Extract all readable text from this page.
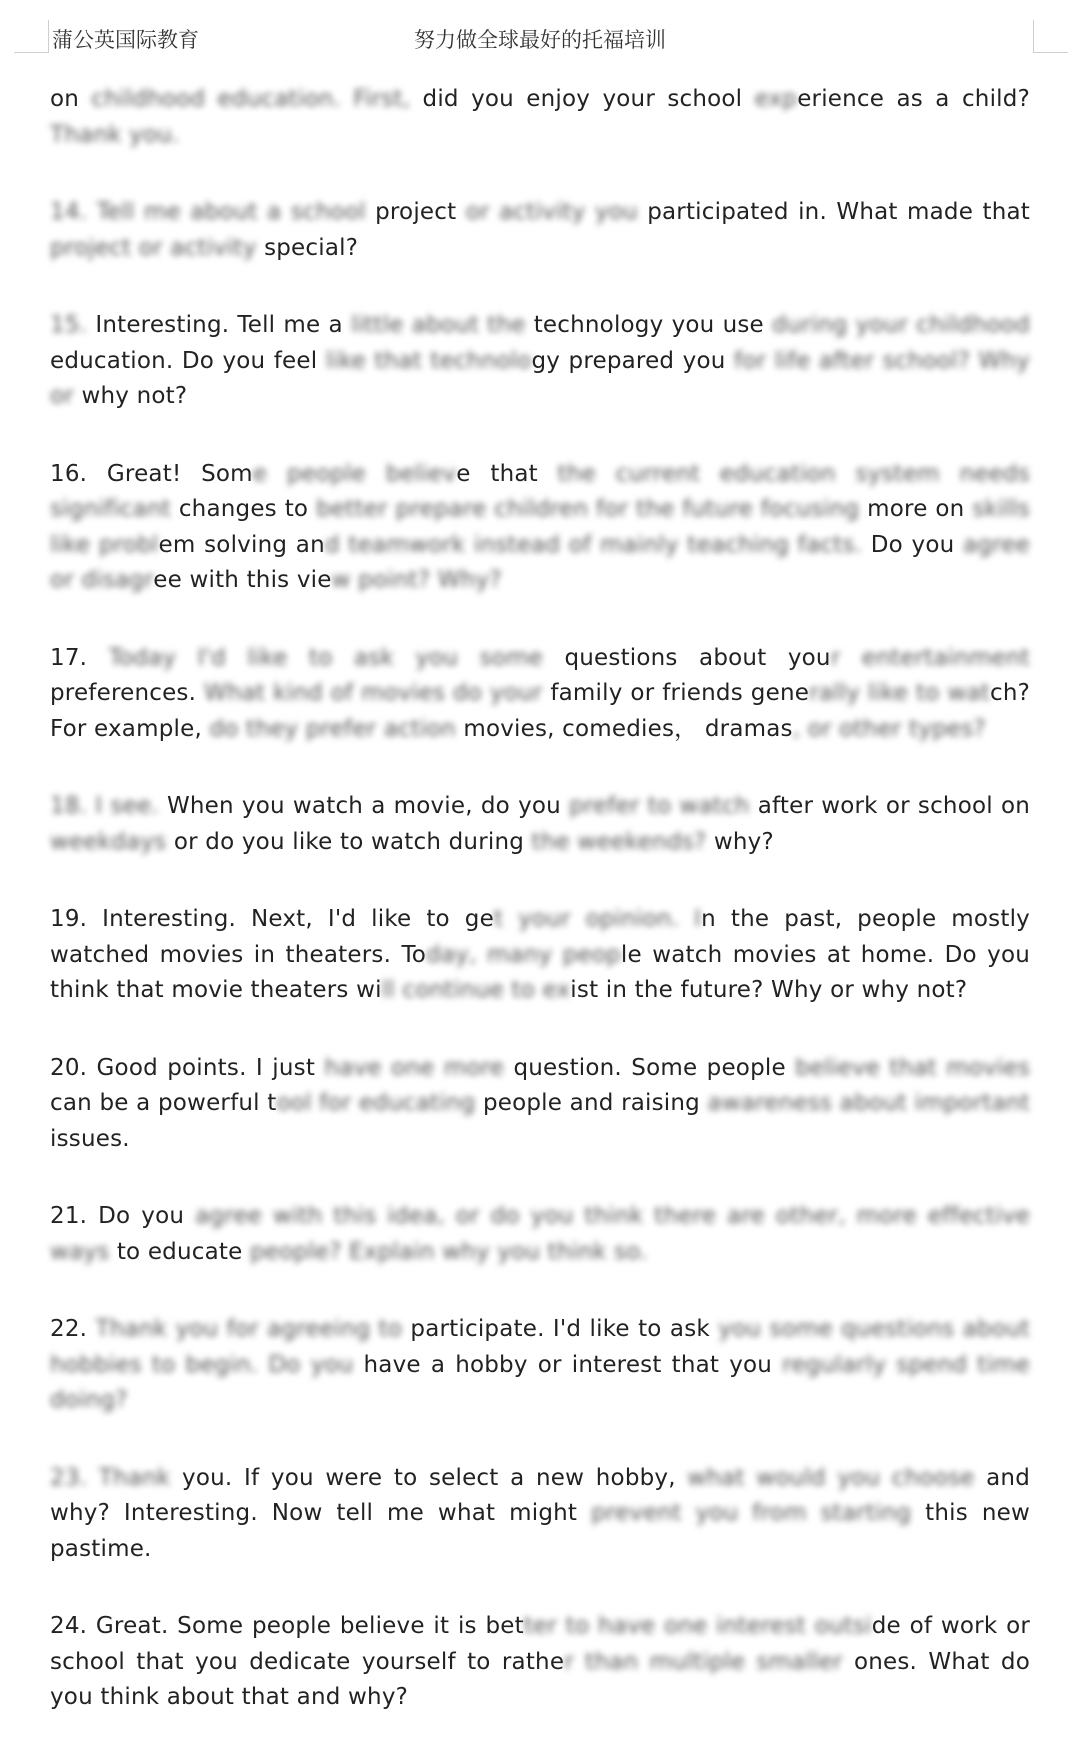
蒲公英国际教育	努力做全球最好的托福培训

on childhood education. First, did you enjoy your school experience as a child? Thank you.

14. Tell me about a school project or activity you participated in. What made that project or activity special?

15. Interesting. Tell me a little about the technology you use during your childhood education. Do you feel like that technology prepared you for life after school? Why or why not?

16. Great! Some people believe that the current education system needs significant changes to better prepare children for the future focusing more on skills like problem solving and teamwork instead of mainly teaching facts. Do you agree or disagree with this view point? Why?

17. Today I'd like to ask you some questions about your entertainment preferences. What kind of movies do your family or friends generally like to watch? For example, do they prefer action movies, comedies， dramas, or other types?

18. I see. When you watch a movie, do you prefer to watch after work or school on weekdays or do you like to watch during the weekends? why?

19. Interesting. Next, I'd like to get your opinion. In the past, people mostly watched movies in theaters. Today, many people watch movies at home. Do you think that movie theaters will continue to exist in the future? Why or why not?

20. Good points. I just have one more question. Some people believe that movies can be a powerful tool for educating people and raising awareness about important issues.

21. Do you agree with this idea, or do you think there are other, more effective ways to educate people? Explain why you think so.

22. Thank you for agreeing to participate. I'd like to ask you some questions about hobbies to begin. Do you have a hobby or interest that you regularly spend time doing?

23. Thank you. If you were to select a new hobby, what would you choose and why? Interesting. Now tell me what might prevent you from starting this new pastime.

24. Great. Some people believe it is better to have one interest outside of work or school that you dedicate yourself to rather than multiple smaller ones. What do you think about that and why?
